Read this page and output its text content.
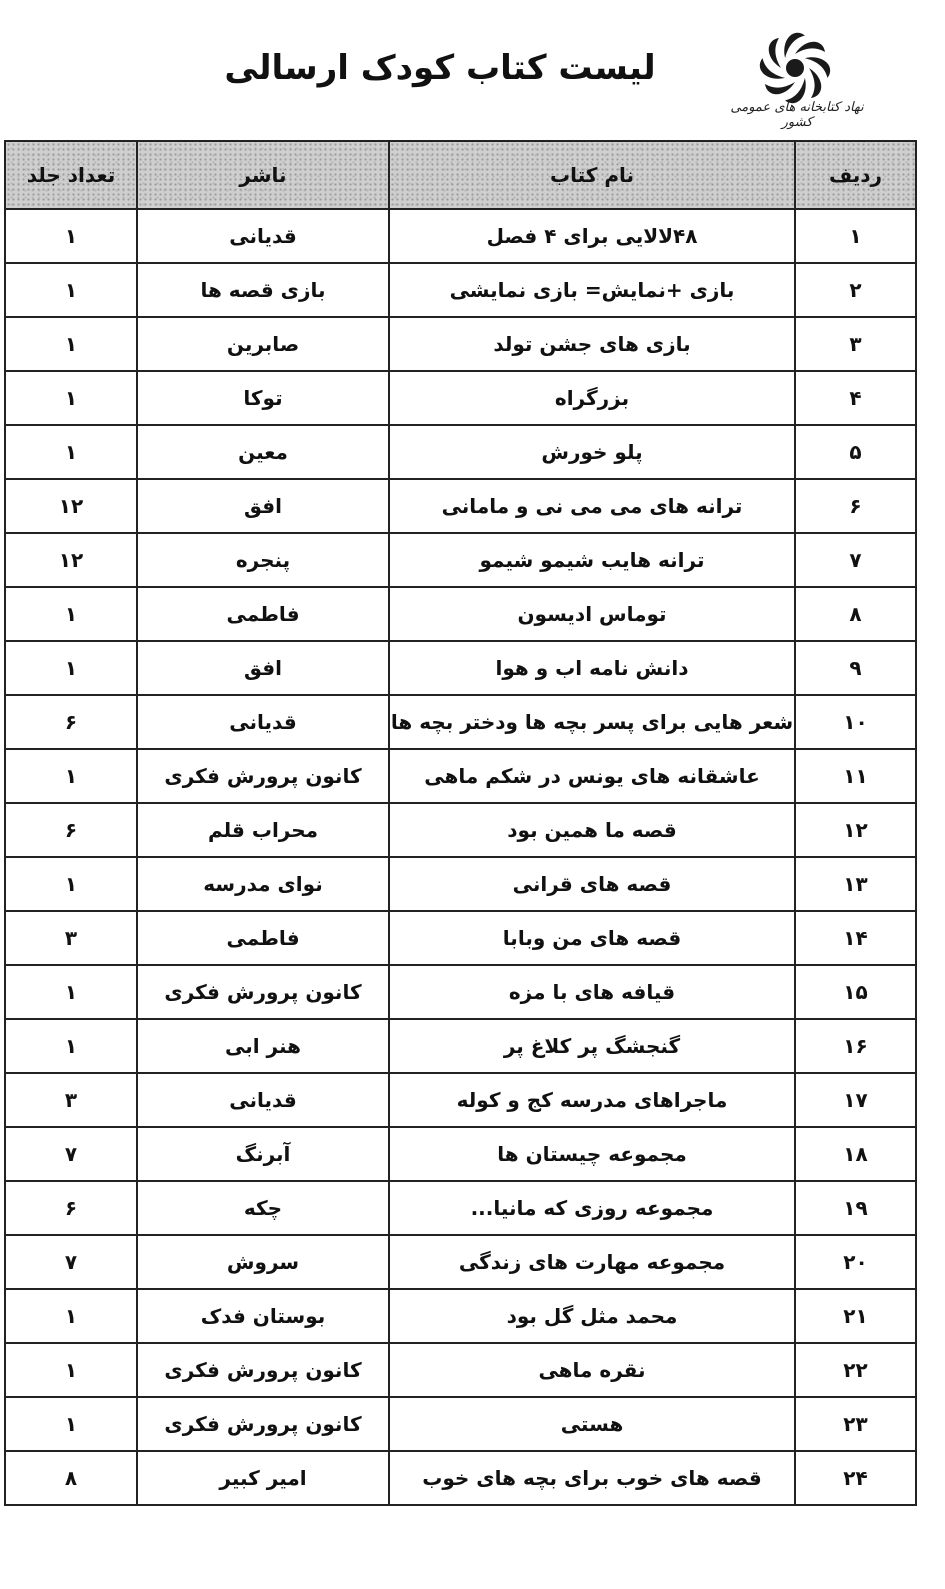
نهاد کتابخانه های عمومی کشور
لیست کتاب کودک ارسالی
ردیف	نام کتاب	ناشر	تعداد جلد
۱	۴۸لالایی برای ۴ فصل	قدیانی	۱
۲	بازی +نمایش= بازی نمایشی	بازی قصه ها	۱
۳	بازی های جشن تولد	صابرین	۱
۴	بزرگراه	توکا	۱
۵	پلو خورش	معین	۱
۶	ترانه های می می نی و مامانی	افق	۱۲
۷	ترانه هایب شیمو شیمو	پنجره	۱۲
۸	توماس ادیسون	فاطمی	۱
۹	دانش نامه اب و هوا	افق	۱
۱۰	شعر هایی برای پسر بچه ها ودختر بچه ها	قدیانی	۶
۱۱	عاشقانه های یونس در شکم ماهی	کانون پرورش فکری	۱
۱۲	قصه ما همین بود	محراب قلم	۶
۱۳	قصه های قرانی	نوای مدرسه	۱
۱۴	قصه های من وبابا	فاطمی	۳
۱۵	قیافه های با مزه	کانون پرورش فکری	۱
۱۶	گنجشگ پر کلاغ پر	هنر ابی	۱
۱۷	ماجراهای مدرسه کج و کوله	قدیانی	۳
۱۸	مجموعه چیستان ها	آبرنگ	۷
۱۹	مجموعه روزی که مانیا...	چکه	۶
۲۰	مجموعه مهارت های زندگی	سروش	۷
۲۱	محمد مثل گل بود	بوستان فدک	۱
۲۲	نقره ماهی	کانون پرورش فکری	۱
۲۳	هستی	کانون پرورش فکری	۱
۲۴	قصه های خوب برای بچه های خوب	امیر کبیر	۸
